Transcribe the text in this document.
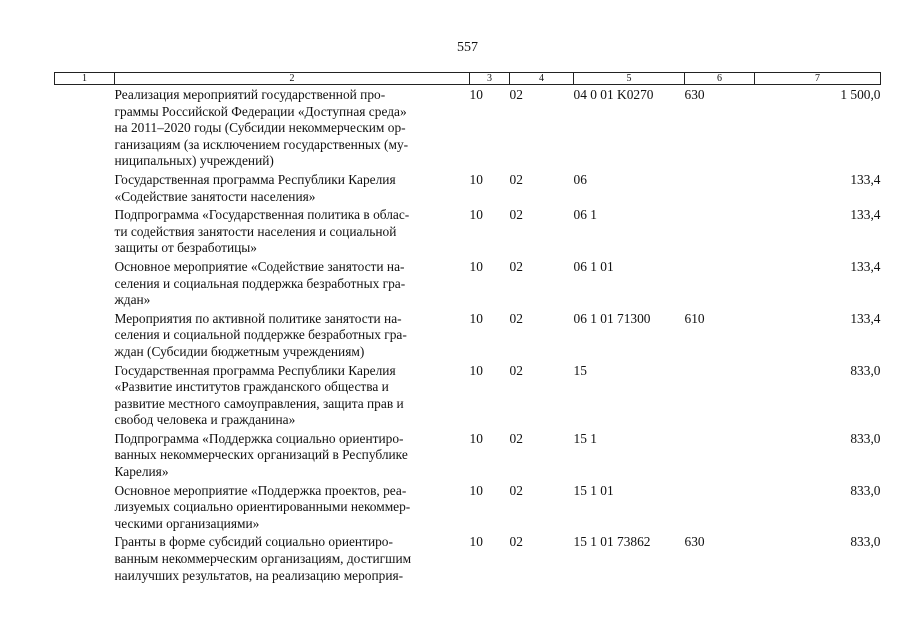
557
1	2	3	4	5	6	7

	Реализация мероприятий государственной про-
граммы Российской Федерации «Доступная среда»
на 2011–2020 годы (Субсидии некоммерческим ор-
ганизациям (за исключением государственных (му-
ниципальных) учреждений)	10	02	04 0 01 K0270	630	1 500,0

	Государственная программа Республики Карелия
«Содействие занятости населения»	10	02	06		133,4

	Подпрограмма «Государственная политика в облас-
ти содействия занятости населения и социальной
защиты от безработицы»	10	02	06 1		133,4

	Основное мероприятие «Содействие занятости на-
селения и социальная поддержка безработных гра-
ждан»	10	02	06 1 01		133,4

	Мероприятия по активной политике занятости на-
селения и социальной поддержке безработных гра-
ждан (Субсидии бюджетным учреждениям)	10	02	06 1 01 71300	610	133,4

	Государственная программа Республики Карелия
«Развитие институтов гражданского общества и
развитие местного самоуправления, защита прав и
свобод человека и гражданина»	10	02	15		833,0

	Подпрограмма «Поддержка социально ориентиро-
ванных некоммерческих организаций в Республике
Карелия»	10	02	15 1		833,0

	Основное мероприятие «Поддержка проектов, реа-
лизуемых социально ориентированными некоммер-
ческими организациями»	10	02	15 1 01		833,0

	Гранты в форме субсидий социально ориентиро-
ванным некоммерческим организациям, достигшим
наилучших результатов, на реализацию мероприя-	10	02	15 1 01 73862	630	833,0
